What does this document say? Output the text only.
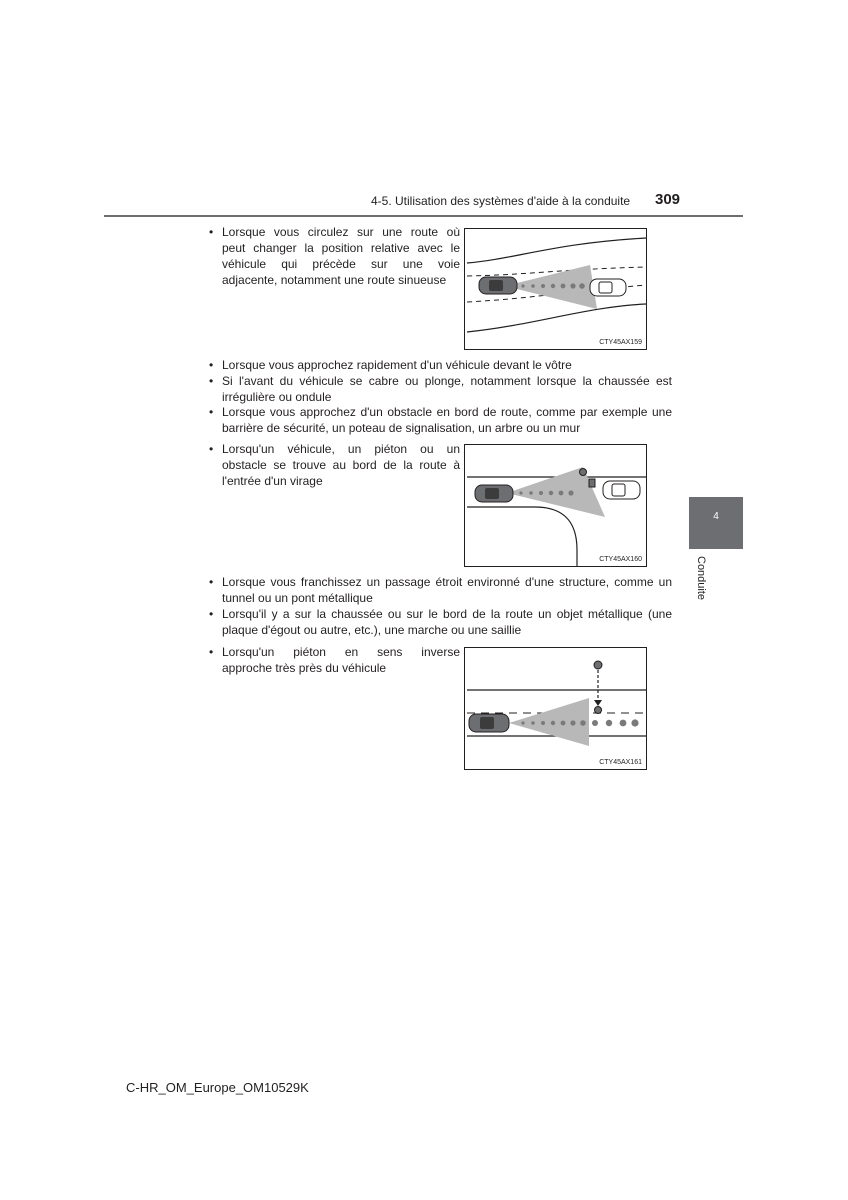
4-5. Utilisation des systèmes d'aide à la conduite 309
4
Conduite
• Lorsque vous circulez sur une route où
peut changer la position relative avec le
véhicule qui précède sur une voie
adjacente, notamment une route sinueuse
CTY45AX159
• Lorsque vous approchez rapidement d'un véhicule devant le vôtre
• Si l'avant du véhicule se cabre ou plonge, notamment lorsque la chaussée est
irrégulière ou ondule
• Lorsque vous approchez d'un obstacle en bord de route, comme par exemple une
barrière de sécurité, un poteau de signalisation, un arbre ou un mur
• Lorsqu'un véhicule, un piéton ou un
obstacle se trouve au bord de la route à
l'entrée d'un virage
CTY45AX160
• Lorsque vous franchissez un passage étroit environné d'une structure, comme un
tunnel ou un pont métallique
• Lorsqu'il y a sur la chaussée ou sur le bord de la route un objet métallique (une
plaque d'égout ou autre, etc.), une marche ou une saillie
• Lorsqu'un piéton en sens inverse
approche très près du véhicule
CTY45AX161
C-HR_OM_Europe_OM10529K
